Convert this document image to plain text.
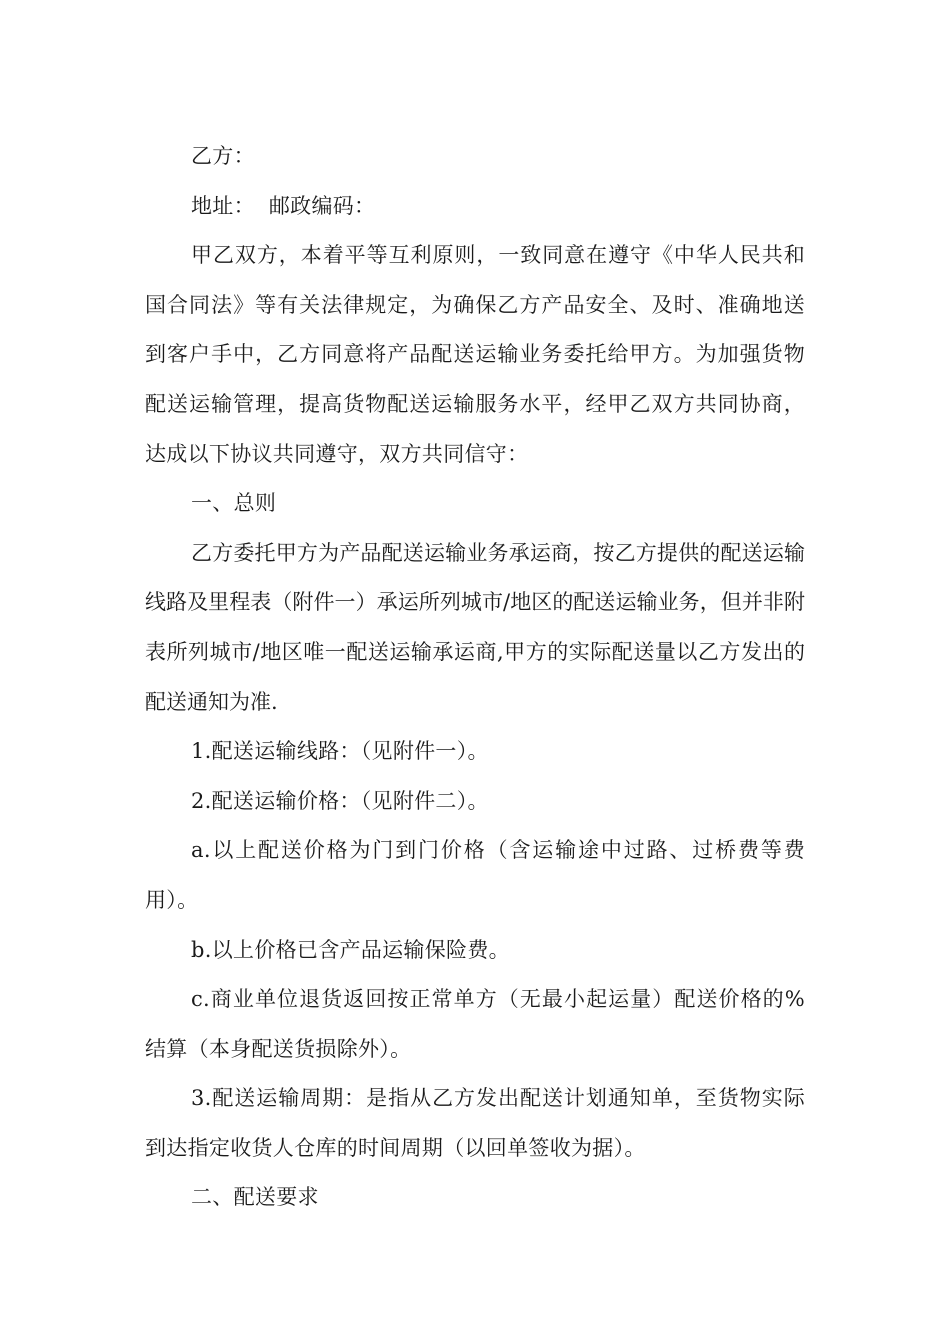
乙方：

地址：  邮政编码：

甲乙双方，本着平等互利原则，一致同意在遵守《中华人民共和国合同法》等有关法律规定，为确保乙方产品安全、及时、准确地送到客户手中，乙方同意将产品配送运输业务委托给甲方。为加强货物配送运输管理，提高货物配送运输服务水平，经甲乙双方共同协商，达成以下协议共同遵守，双方共同信守：

一、总则

乙方委托甲方为产品配送运输业务承运商，按乙方提供的配送运输线路及里程表（附件一）承运所列城市/地区的配送运输业务，但并非附表所列城市/地区唯一配送运输承运商,甲方的实际配送量以乙方发出的配送通知为准.

1.配送运输线路：（见附件一）。

2.配送运输价格：（见附件二）。

a.以上配送价格为门到门价格（含运输途中过路、过桥费等费用）。

b.以上价格已含产品运输保险费。

c.商业单位退货返回按正常单方（无最小起运量）配送价格的%结算（本身配送货损除外）。

3.配送运输周期：是指从乙方发出配送计划通知单，至货物实际到达指定收货人仓库的时间周期（以回单签收为据）。

二、配送要求
